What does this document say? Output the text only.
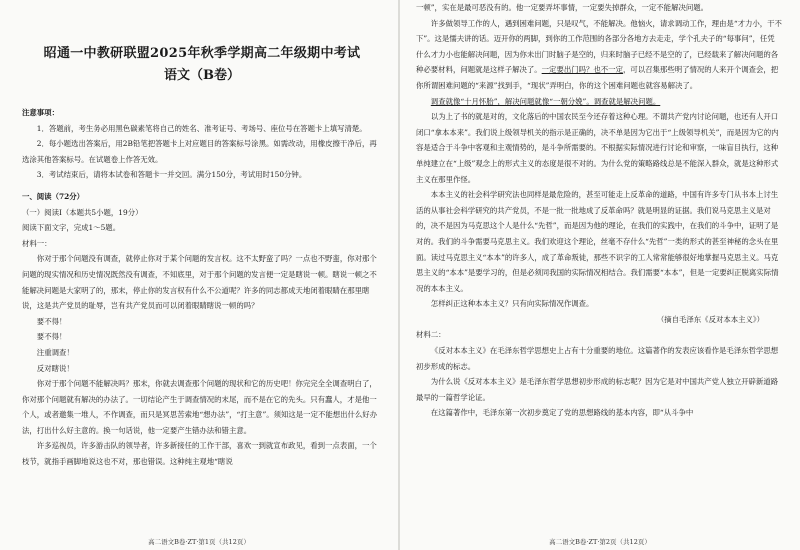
昭通一中教研联盟2025年秋季学期高二年级期中考试

语文（B卷）

注意事项：

1．答题前，考生务必用黑色碳素笔将自己的姓名、准考证号、考场号、座位号在答题卡上填写清楚。

2．每小题选出答案后，用2B铅笔把答题卡上对应题目的答案标号涂黑。如需改动，用橡皮擦干净后，再选涂其他答案标号。在试题卷上作答无效。

3．考试结束后，请将本试卷和答题卡一并交回。满分150分，考试用时150分钟。

一、阅读（72分）

（一）阅读Ⅰ（本题共5小题，19分）

阅读下面文字，完成1～5题。

材料一：

你对于那个问题没有调查，就停止你对于某个问题的发言权。这不太野蛮了吗？一点也不野蛮，你对那个问题的现实情况和历史情况既然没有调查，不知底里，对于那个问题的发言便一定是瞎说一顿。瞎说一顿之不能解决问题是大家明了的，那末，停止你的发言权有什么不公道呢？许多的同志都成天地闭着眼睛在那里瞎说，这是共产党员的耻辱，岂有共产党员而可以闭着眼睛瞎说一顿的吗？

要不得！

要不得！

注重调查！

反对瞎说！

你对于那个问题不能解决吗？那末，你就去调查那个问题的现状和它的历史吧！你完完全全调查明白了，你对那个问题就有解决的办法了。一切结论产生于调查情况的末尾，而不是在它的先头。只有蠢人，才是他一个人，或者邀集一堆人，不作调查，而只是冥思苦索地“想办法”，“打主意”。须知这是一定不能想出什么好办法，打出什么好主意的。换一句话说，他一定要产生错办法和错主意。

许多巡视员，许多游击队的领导者，许多新接任的工作干部，喜欢一到就宣布政见，看到一点表面，一个枝节，就指手画脚地说这也不对，那也错误。这种纯主观地“瞎说

高二语文B卷·ZT·第1页（共12页）

一顿”，实在是最可恶没有的。他一定要弄坏事情，一定要失掉群众，一定不能解决问题。

许多做领导工作的人，遇到困难问题，只是叹气，不能解决。他恼火，请求调动工作，理由是“才力小，干不下”。这是懦夫讲的话。迈开你的两脚，到你的工作范围的各部分各地方去走走，学个孔夫子的“每事问”，任凭什么才力小也能解决问题，因为你未出门时脑子是空的，归来时脑子已经不是空的了，已经载来了解决问题的各种必要材料，问题就是这样子解决了。一定要出门吗？也不一定，可以召集那些明了情况的人来开个调查会，把你所谓困难问题的“来源”找到手，“现状”弄明白，你的这个困难问题也就容易解决了。

调查就像“十月怀胎”，解决问题就像“一朝分娩”。调查就是解决问题。

以为上了书的就是对的，文化落后的中国农民至今还存着这种心理。不谓共产党内讨论问题，也还有人开口闭口“拿本本来”。我们说上级领导机关的指示是正确的，决不单是因为它出于“上级领导机关”，而是因为它的内容是适合于斗争中客观和主观情势的，是斗争所需要的。不根据实际情况进行讨论和审察，一味盲目执行，这种单纯建立在“上级”观念上的形式主义的态度是很不对的。为什么党的策略路线总是不能深入群众，就是这种形式主义在那里作怪。

本本主义的社会科学研究法也同样是最危险的，甚至可能走上反革命的道路，中国有许多专门从书本上讨生活的从事社会科学研究的共产党员，不是一批一批地成了反革命吗？就是明显的证据。我们说马克思主义是对的，决不是因为马克思这个人是什么“先哲”，而是因为他的理论，在我们的实践中，在我们的斗争中，证明了是对的。我们的斗争需要马克思主义。我们欢迎这个理论，丝毫不存什么“先哲”一类的形式的甚至神秘的念头在里面。读过马克思主义“本本”的许多人，成了革命叛徒，那些不识字的工人常常能够很好地掌握马克思主义。马克思主义的“本本”是要学习的，但是必须同我国的实际情况相结合。我们需要“本本”，但是一定要纠正脱离实际情况的本本主义。

怎样纠正这种本本主义？只有向实际情况作调查。

（摘自毛泽东《反对本本主义》）

材料二：

《反对本本主义》在毛泽东哲学思想史上占有十分重要的地位。这篇著作的发表应该看作是毛泽东哲学思想初步形成的标志。

为什么说《反对本本主义》是毛泽东哲学思想初步形成的标志呢？因为它是对中国共产党人独立开辟新道路最早的一篇哲学论证。

在这篇著作中，毛泽东第一次初步奠定了党的思想路线的基本内容，即“从斗争中

高二语文B卷·ZT·第2页（共12页）
